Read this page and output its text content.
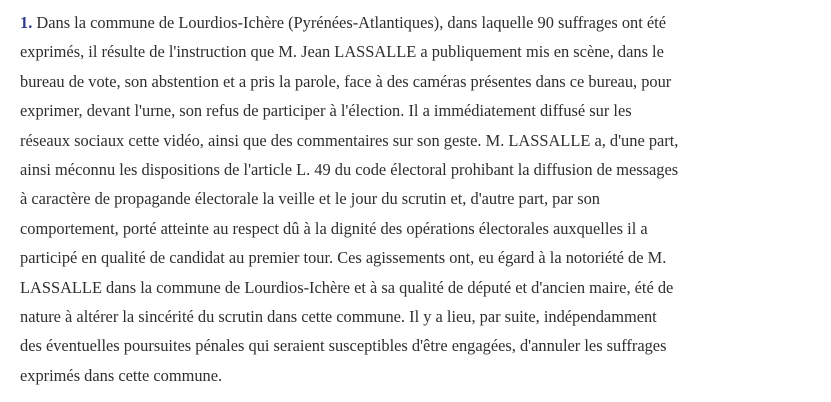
1. Dans la commune de Lourdios-Ichère (Pyrénées-Atlantiques), dans laquelle 90 suffrages ont été
exprimés, il résulte de l'instruction que M. Jean LASSALLE a publiquement mis en scène, dans le
bureau de vote, son abstention et a pris la parole, face à des caméras présentes dans ce bureau, pour
exprimer, devant l'urne, son refus de participer à l'élection. Il a immédiatement diffusé sur les
réseaux sociaux cette vidéo, ainsi que des commentaires sur son geste. M. LASSALLE a, d'une part,
ainsi méconnu les dispositions de l'article L. 49 du code électoral prohibant la diffusion de messages
à caractère de propagande électorale la veille et le jour du scrutin et, d'autre part, par son
comportement, porté atteinte au respect dû à la dignité des opérations électorales auxquelles il a
participé en qualité de candidat au premier tour. Ces agissements ont, eu égard à la notoriété de M.
LASSALLE dans la commune de Lourdios-Ichère et à sa qualité de député et d'ancien maire, été de
nature à altérer la sincérité du scrutin dans cette commune. Il y a lieu, par suite, indépendamment
des éventuelles poursuites pénales qui seraient susceptibles d'être engagées, d'annuler les suffrages
exprimés dans cette commune.
